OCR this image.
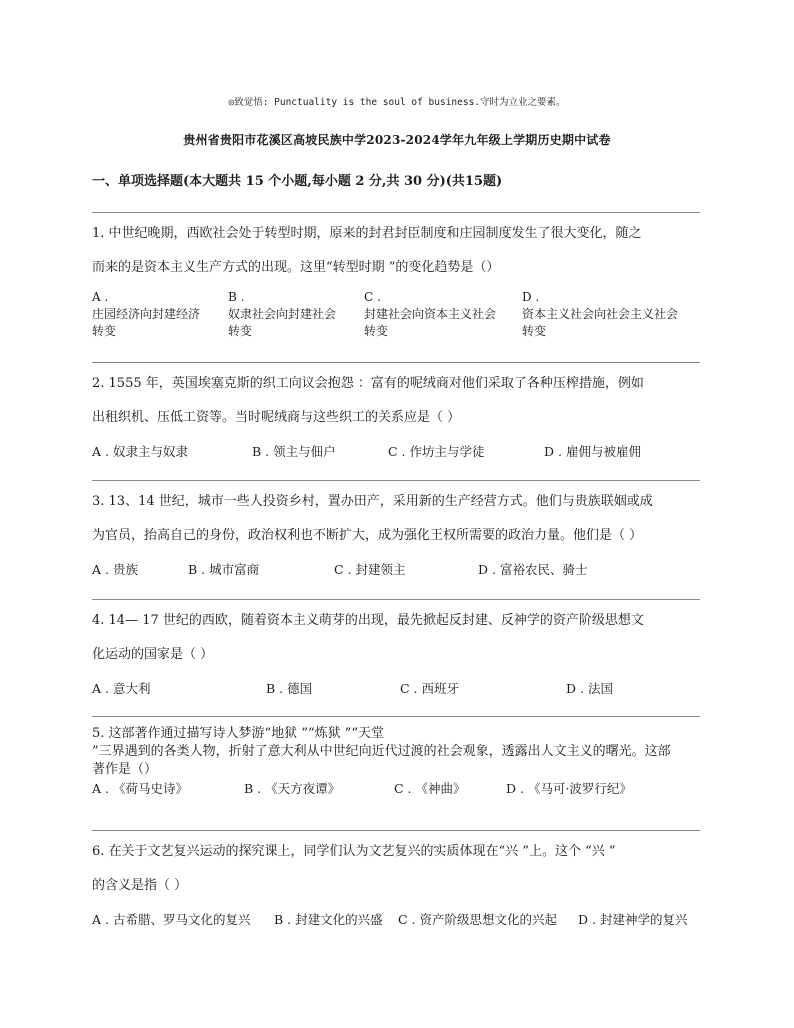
◎致觉悟: Punctuality is the soul of business.守时为立业之要素。
贵州省贵阳市花溪区高坡民族中学2023-2024学年九年级上学期历史期中试卷
一、单项选择题(本大题共 15 个小题,每小题 2 分,共 30 分)(共15题)
1. 中世纪晚期，西欧社会处于转型时期，原来的封君封臣制度和庄园制度发生了很大变化，随之
而来的是资本主义生产方式的出现。这里“转型时期 ”的变化趋势是（）
A .
庄园经济向封建经济
转变
B .
奴隶社会向封建社会
转变
C .
封建社会向资本主义社会
转变
D .
资本主义社会向社会主义社会
转变
2. 1555 年，英国埃塞克斯的织工向议会抱怨 ：富有的呢绒商对他们采取了各种压榨措施，例如
出租织机、压低工资等。当时呢绒商与这些织工的关系应是（ ）
A . 奴隶主与奴隶	B . 领主与佃户	C . 作坊主与学徒	D . 雇佣与被雇佣
3. 13、14 世纪，城市一些人投资乡村，置办田产，采用新的生产经营方式。他们与贵族联姻或成
为官员，抬高自己的身份，政治权利也不断扩大，成为强化王权所需要的政治力量。他们是（ ）
A . 贵族	B . 城市富商	C . 封建领主	D . 富裕农民、骑士
4. 14— 17 世纪的西欧，随着资本主义萌芽的出现，最先掀起反封建、反神学的资产阶级思想文
化运动的国家是（ ）
A . 意大利	B . 德国	C . 西班牙	D . 法国
5. 这部著作通过描写诗人梦游“地狱 ”“炼狱 ”“天堂
”三界遇到的各类人物，折射了意大利从中世纪向近代过渡的社会观象，透露出人文主义的曙光。这部
著作是（）
A . 《荷马史诗》	B . 《天方夜谭》	C . 《神曲》	D . 《马可·波罗行纪》
6. 在关于文艺复兴运动的探究课上，同学们认为文艺复兴的实质体现在“兴 ”上。这个 “兴 ”
的含义是指（ ）
A . 古希腊、罗马文化的复兴 B . 封建文化的兴盛 C . 资产阶级思想文化的兴起 D . 封建神学的复兴
